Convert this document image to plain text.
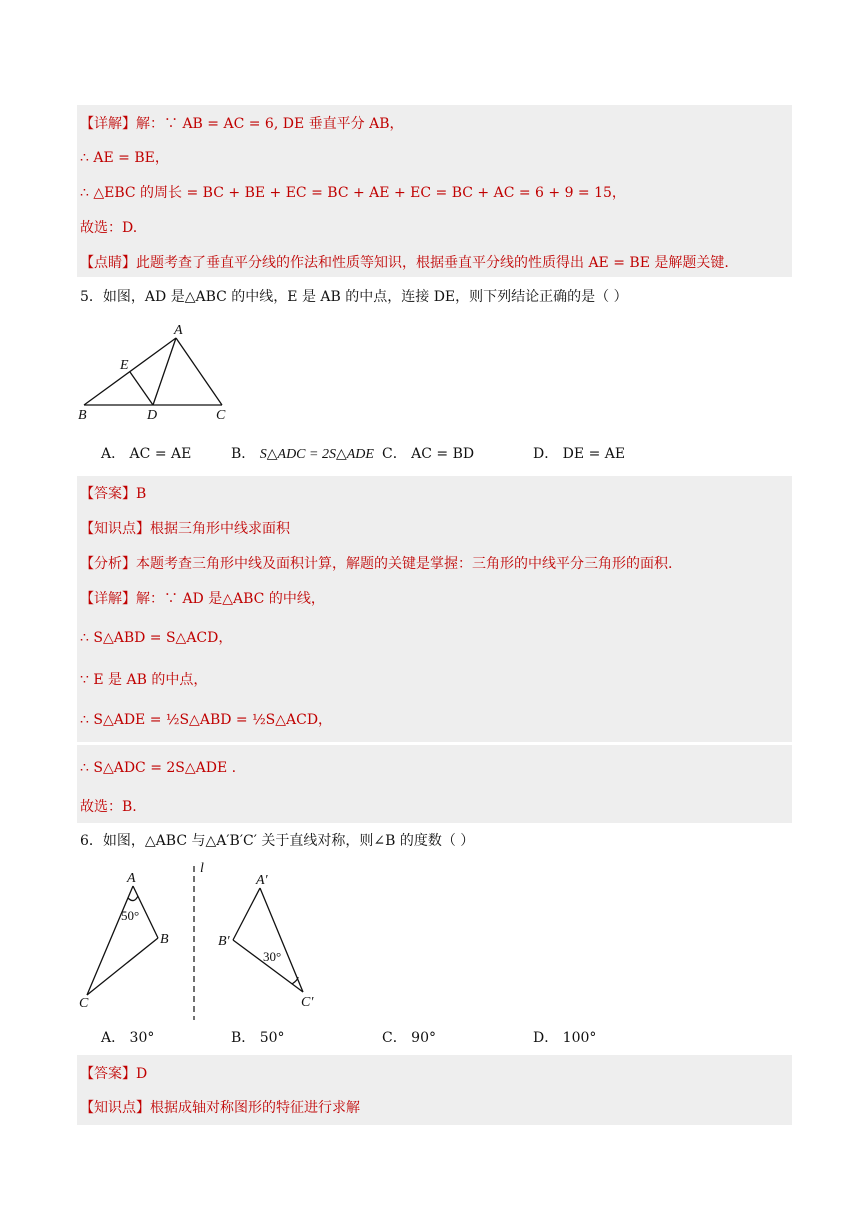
【详解】解：∵ AB = AC = 6, DE 垂直平分 AB，
∴ AE = BE，
∴ △EBC 的周长 = BC + BE + EC = BC + AE + EC = BC + AC = 6 + 9 = 15，
故选：D.
【点睛】此题考查了垂直平分线的作法和性质等知识，根据垂直平分线的性质得出 AE = BE 是解题关键.
5．如图，AD 是△ABC 的中线，E 是 AB 的中点，连接 DE，则下列结论正确的是（ ）
A
E
B	D	C
A． AC = AE	B． S△ADC = 2S△ADE C． AC = BD	D． DE = AE
【答案】B
【知识点】根据三角形中线求面积
【分析】本题考查三角形中线及面积计算，解题的关键是掌握：三角形的中线平分三角形的面积.
【详解】解：∵ AD 是△ABC 的中线，
∴ S△ABD = S△ACD，
∵ E 是 AB 的中点，
∴ S△ADE = ½S△ABD = ½S△ACD，
∴ S△ADC = 2S△ADE .
故选：B.
6．如图，△ABC 与△A′B′C′ 关于直线对称，则∠B 的度数（ ）
A
B
C
50°
l
A′
B′
C′
30°
A． 30°	B． 50°	C． 90°	D． 100°
【答案】D
【知识点】根据成轴对称图形的特征进行求解
